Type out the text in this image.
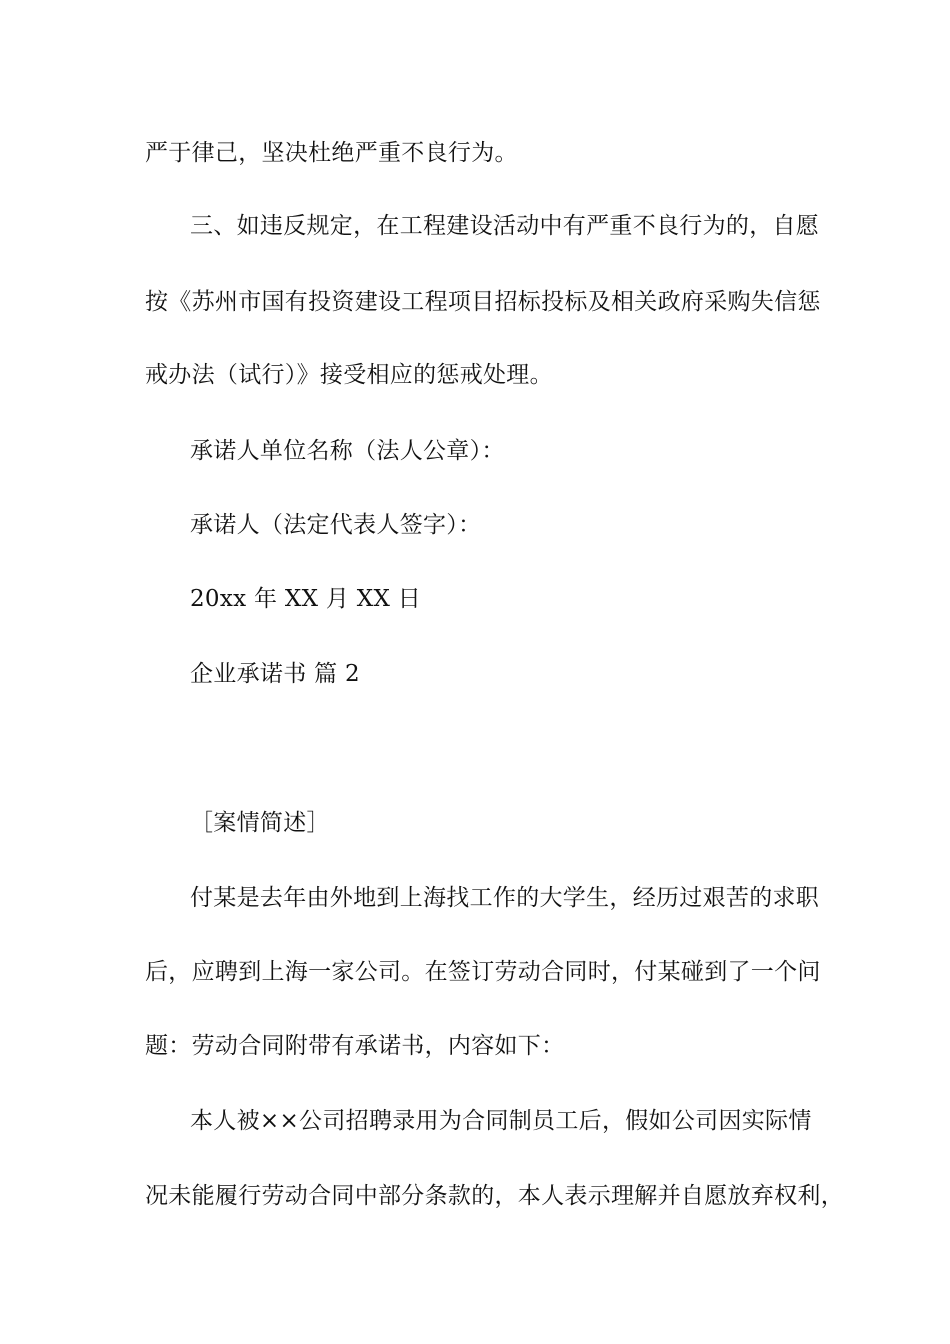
严于律己，坚决杜绝严重不良行为。
三、如违反规定，在工程建设活动中有严重不良行为的，自愿
按《苏州市国有投资建设工程项目招标投标及相关政府采购失信惩
戒办法（试行）》接受相应的惩戒处理。
承诺人单位名称（法人公章）：
承诺人（法定代表人签字）：
20xx 年 XX 月 XX 日
企业承诺书 篇 2
［案情简述］
付某是去年由外地到上海找工作的大学生，经历过艰苦的求职
后，应聘到上海一家公司。在签订劳动合同时，付某碰到了一个问
题：劳动合同附带有承诺书，内容如下：
本人被××公司招聘录用为合同制员工后，假如公司因实际情
况未能履行劳动合同中部分条款的，本人表示理解并自愿放弃权利，
